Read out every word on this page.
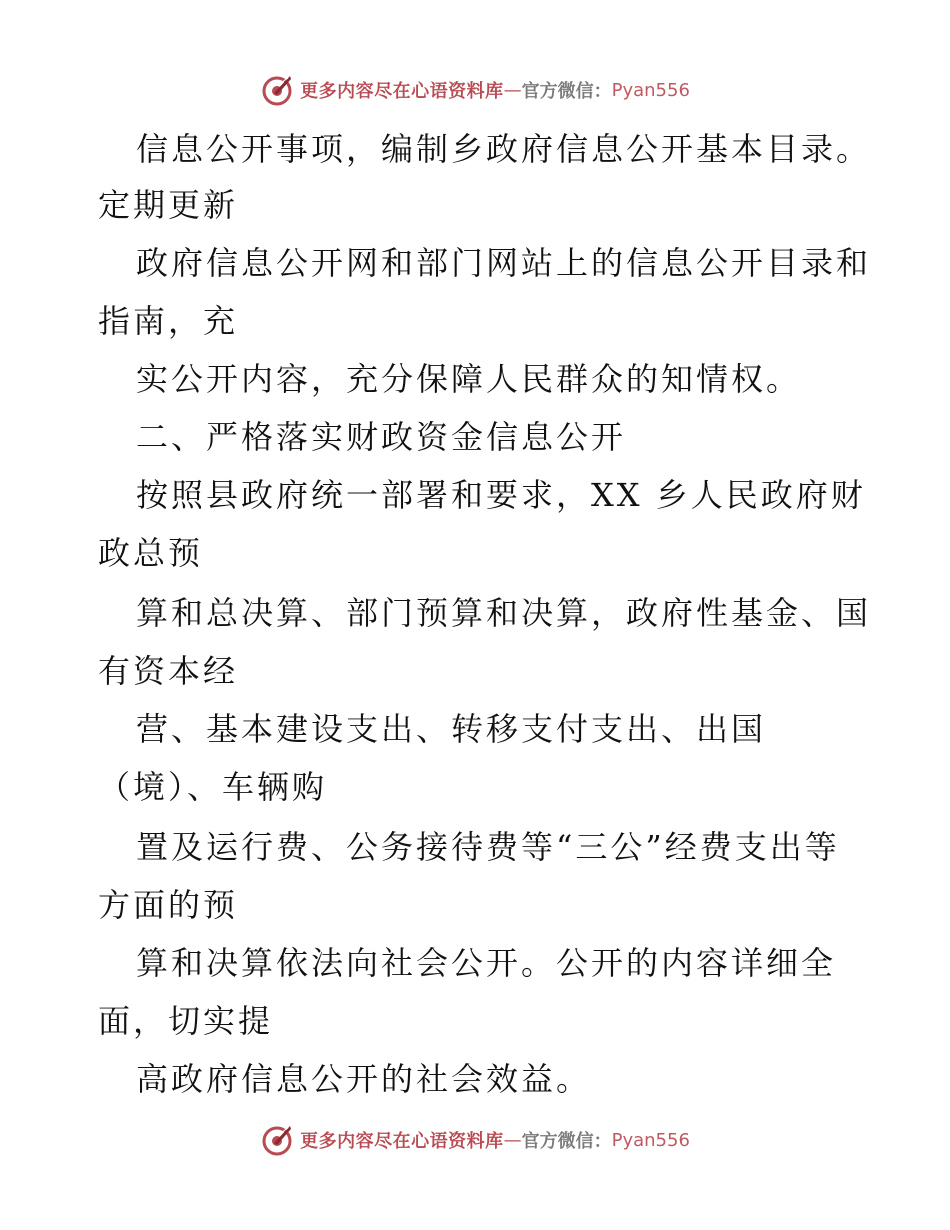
更多内容尽在心语资料库 — 官方微信： Pyan556
信息公开事项，编制乡政府信息公开基本目录。
定期更新
政府信息公开网和部门网站上的信息公开目录和
指南，充
实公开内容，充分保障人民群众的知情权。
二、严格落实财政资金信息公开
按照县政府统一部署和要求，XX 乡人民政府财
政总预
算和总决算、部门预算和决算，政府性基金、国
有资本经
营、基本建设支出、转移支付支出、出国
（境）、车辆购
置及运行费、公务接待费等“三公”经费支出等
方面的预
算和决算依法向社会公开。公开的内容详细全
面，切实提
高政府信息公开的社会效益。
更多内容尽在心语资料库 — 官方微信： Pyan556
